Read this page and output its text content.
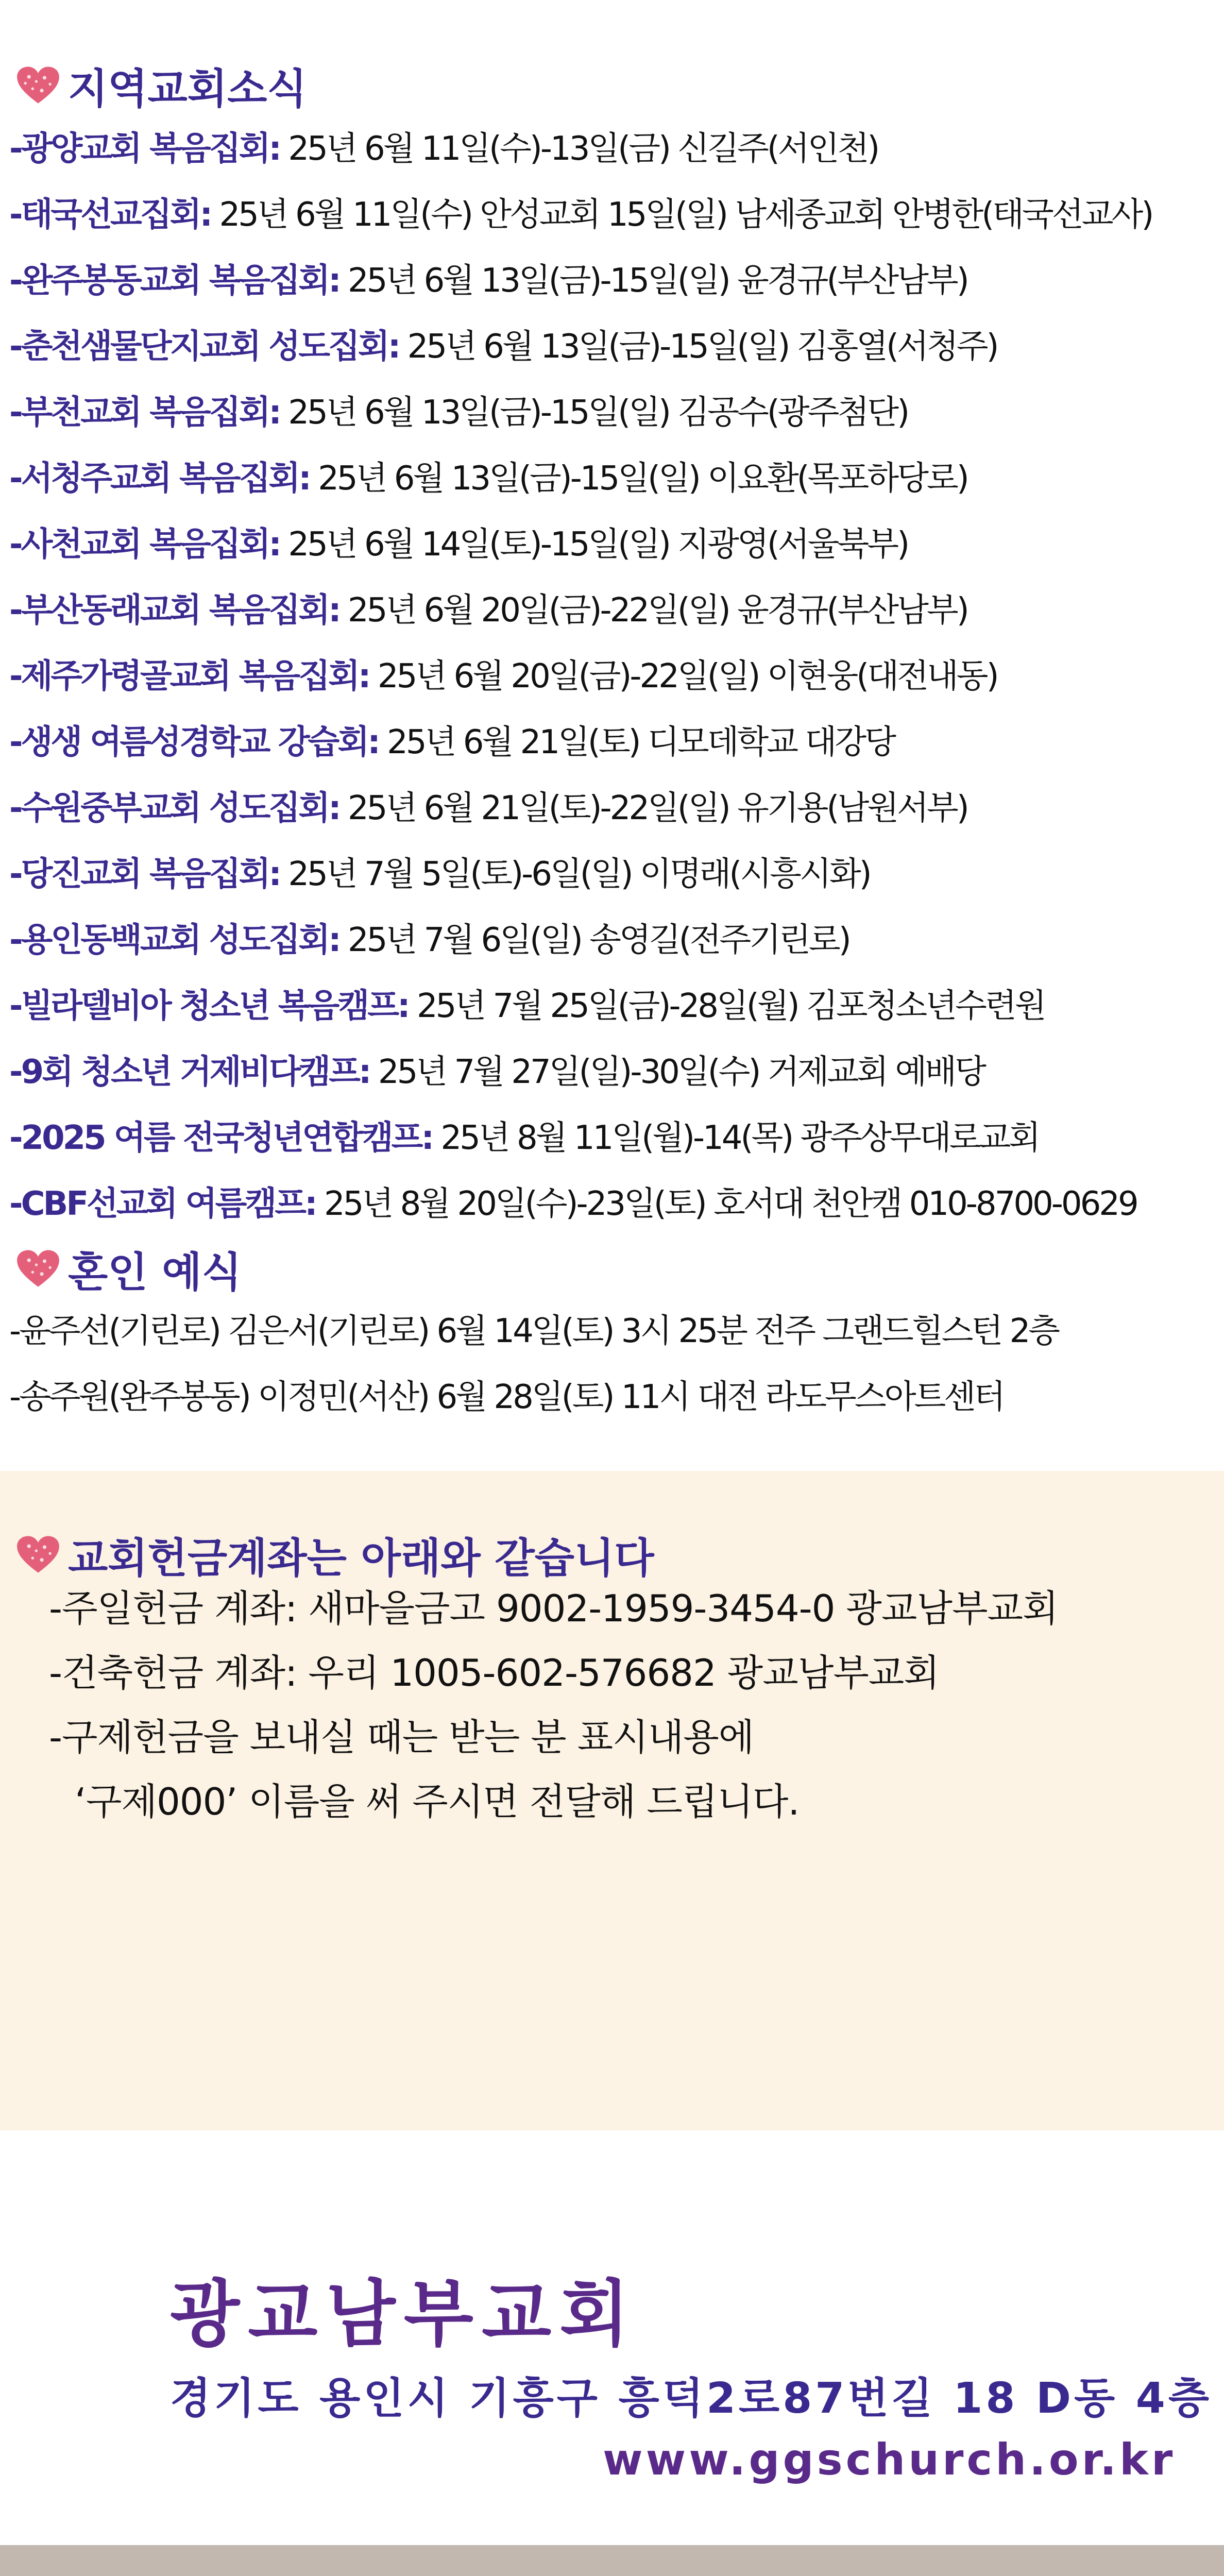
지역교회소식
-광양교회 복음집회: 25년 6월 11일(수)-13일(금) 신길주(서인천)
-태국선교집회: 25년 6월 11일(수) 안성교회 15일(일) 남세종교회 안병한(태국선교사)
-완주봉동교회 복음집회: 25년 6월 13일(금)-15일(일) 윤경규(부산남부)
-춘천샘물단지교회 성도집회: 25년 6월 13일(금)-15일(일) 김홍열(서청주)
-부천교회 복음집회: 25년 6월 13일(금)-15일(일) 김공수(광주첨단)
-서청주교회 복음집회: 25년 6월 13일(금)-15일(일) 이요환(목포하당로)
-사천교회 복음집회: 25년 6월 14일(토)-15일(일) 지광영(서울북부)
-부산동래교회 복음집회: 25년 6월 20일(금)-22일(일) 윤경규(부산남부)
-제주가령골교회 복음집회: 25년 6월 20일(금)-22일(일) 이현웅(대전내동)
-생생 여름성경학교 강습회: 25년 6월 21일(토) 디모데학교 대강당
-수원중부교회 성도집회: 25년 6월 21일(토)-22일(일) 유기용(남원서부)
-당진교회 복음집회: 25년 7월 5일(토)-6일(일) 이명래(시흥시화)
-용인동백교회 성도집회: 25년 7월 6일(일) 송영길(전주기린로)
-빌라델비아 청소년 복음캠프: 25년 7월 25일(금)-28일(월) 김포청소년수련원
-9회 청소년 거제비다캠프: 25년 7월 27일(일)-30일(수) 거제교회 예배당
-2025 여름 전국청년연합캠프: 25년 8월 11일(월)-14(목) 광주상무대로교회
-CBF선교회 여름캠프: 25년 8월 20일(수)-23일(토) 호서대 천안캠 010-8700-0629
혼인 예식
-윤주선(기린로) 김은서(기린로) 6월 14일(토) 3시 25분 전주 그랜드힐스턴 2층
-송주원(완주봉동) 이정민(서산) 6월 28일(토) 11시 대전 라도무스아트센터
교회헌금계좌는 아래와 같습니다
-주일헌금 계좌: 새마을금고 9002-1959-3454-0 광교남부교회
-건축헌금 계좌: 우리 1005-602-576682 광교남부교회
-구제헌금을 보내실 때는 받는 분 표시내용에
‘구제000’ 이름을 써 주시면 전달해 드립니다.
광교남부교회
경기도 용인시 기흥구 흥덕2로87번길 18 D동 4층
www.ggschurch.or.kr
